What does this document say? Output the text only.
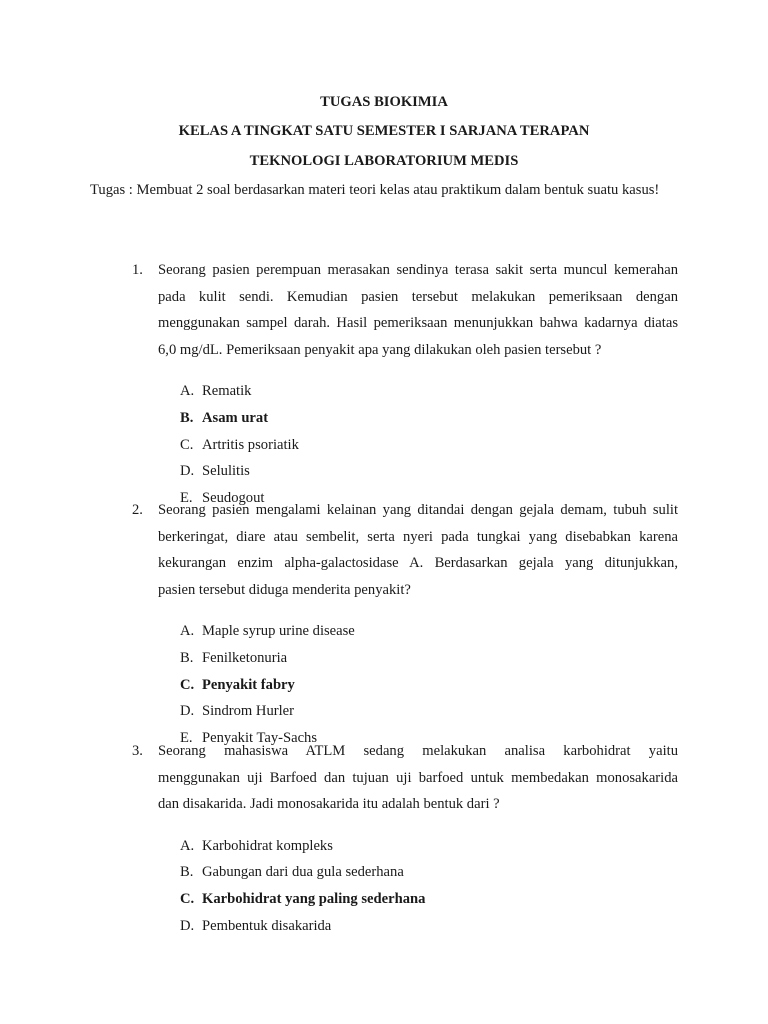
TUGAS BIOKIMIA
KELAS A TINGKAT SATU SEMESTER I SARJANA TERAPAN
TEKNOLOGI LABORATORIUM MEDIS
Tugas : Membuat 2 soal berdasarkan materi teori kelas atau praktikum dalam bentuk suatu kasus!
1.	Seorang pasien perempuan merasakan sendinya terasa sakit serta muncul kemerahan
pada kulit sendi. Kemudian pasien tersebut melakukan pemeriksaan dengan
menggunakan sampel darah. Hasil pemeriksaan menunjukkan bahwa kadarnya diatas
6,0 mg/dL. Pemeriksaan penyakit apa yang dilakukan oleh pasien tersebut ?
A. Rematik
B. Asam urat
C. Artritis psoriatik
D. Selulitis
E. Seudogout
2.	Seorang pasien mengalami kelainan yang ditandai dengan gejala demam, tubuh sulit
berkeringat, diare atau sembelit, serta nyeri pada tungkai yang disebabkan karena
kekurangan enzim alpha-galactosidase A. Berdasarkan gejala yang ditunjukkan,
pasien tersebut diduga menderita penyakit?
A. Maple syrup urine disease
B. Fenilketonuria
C. Penyakit fabry
D. Sindrom Hurler
E. Penyakit Tay-Sachs
3.	Seorang mahasiswa ATLM sedang melakukan analisa karbohidrat yaitu
menggunakan uji Barfoed dan tujuan uji barfoed untuk membedakan monosakarida
dan disakarida. Jadi monosakarida itu adalah bentuk dari ?
A. Karbohidrat kompleks
B. Gabungan dari dua gula sederhana
C. Karbohidrat yang paling sederhana
D. Pembentuk disakarida
